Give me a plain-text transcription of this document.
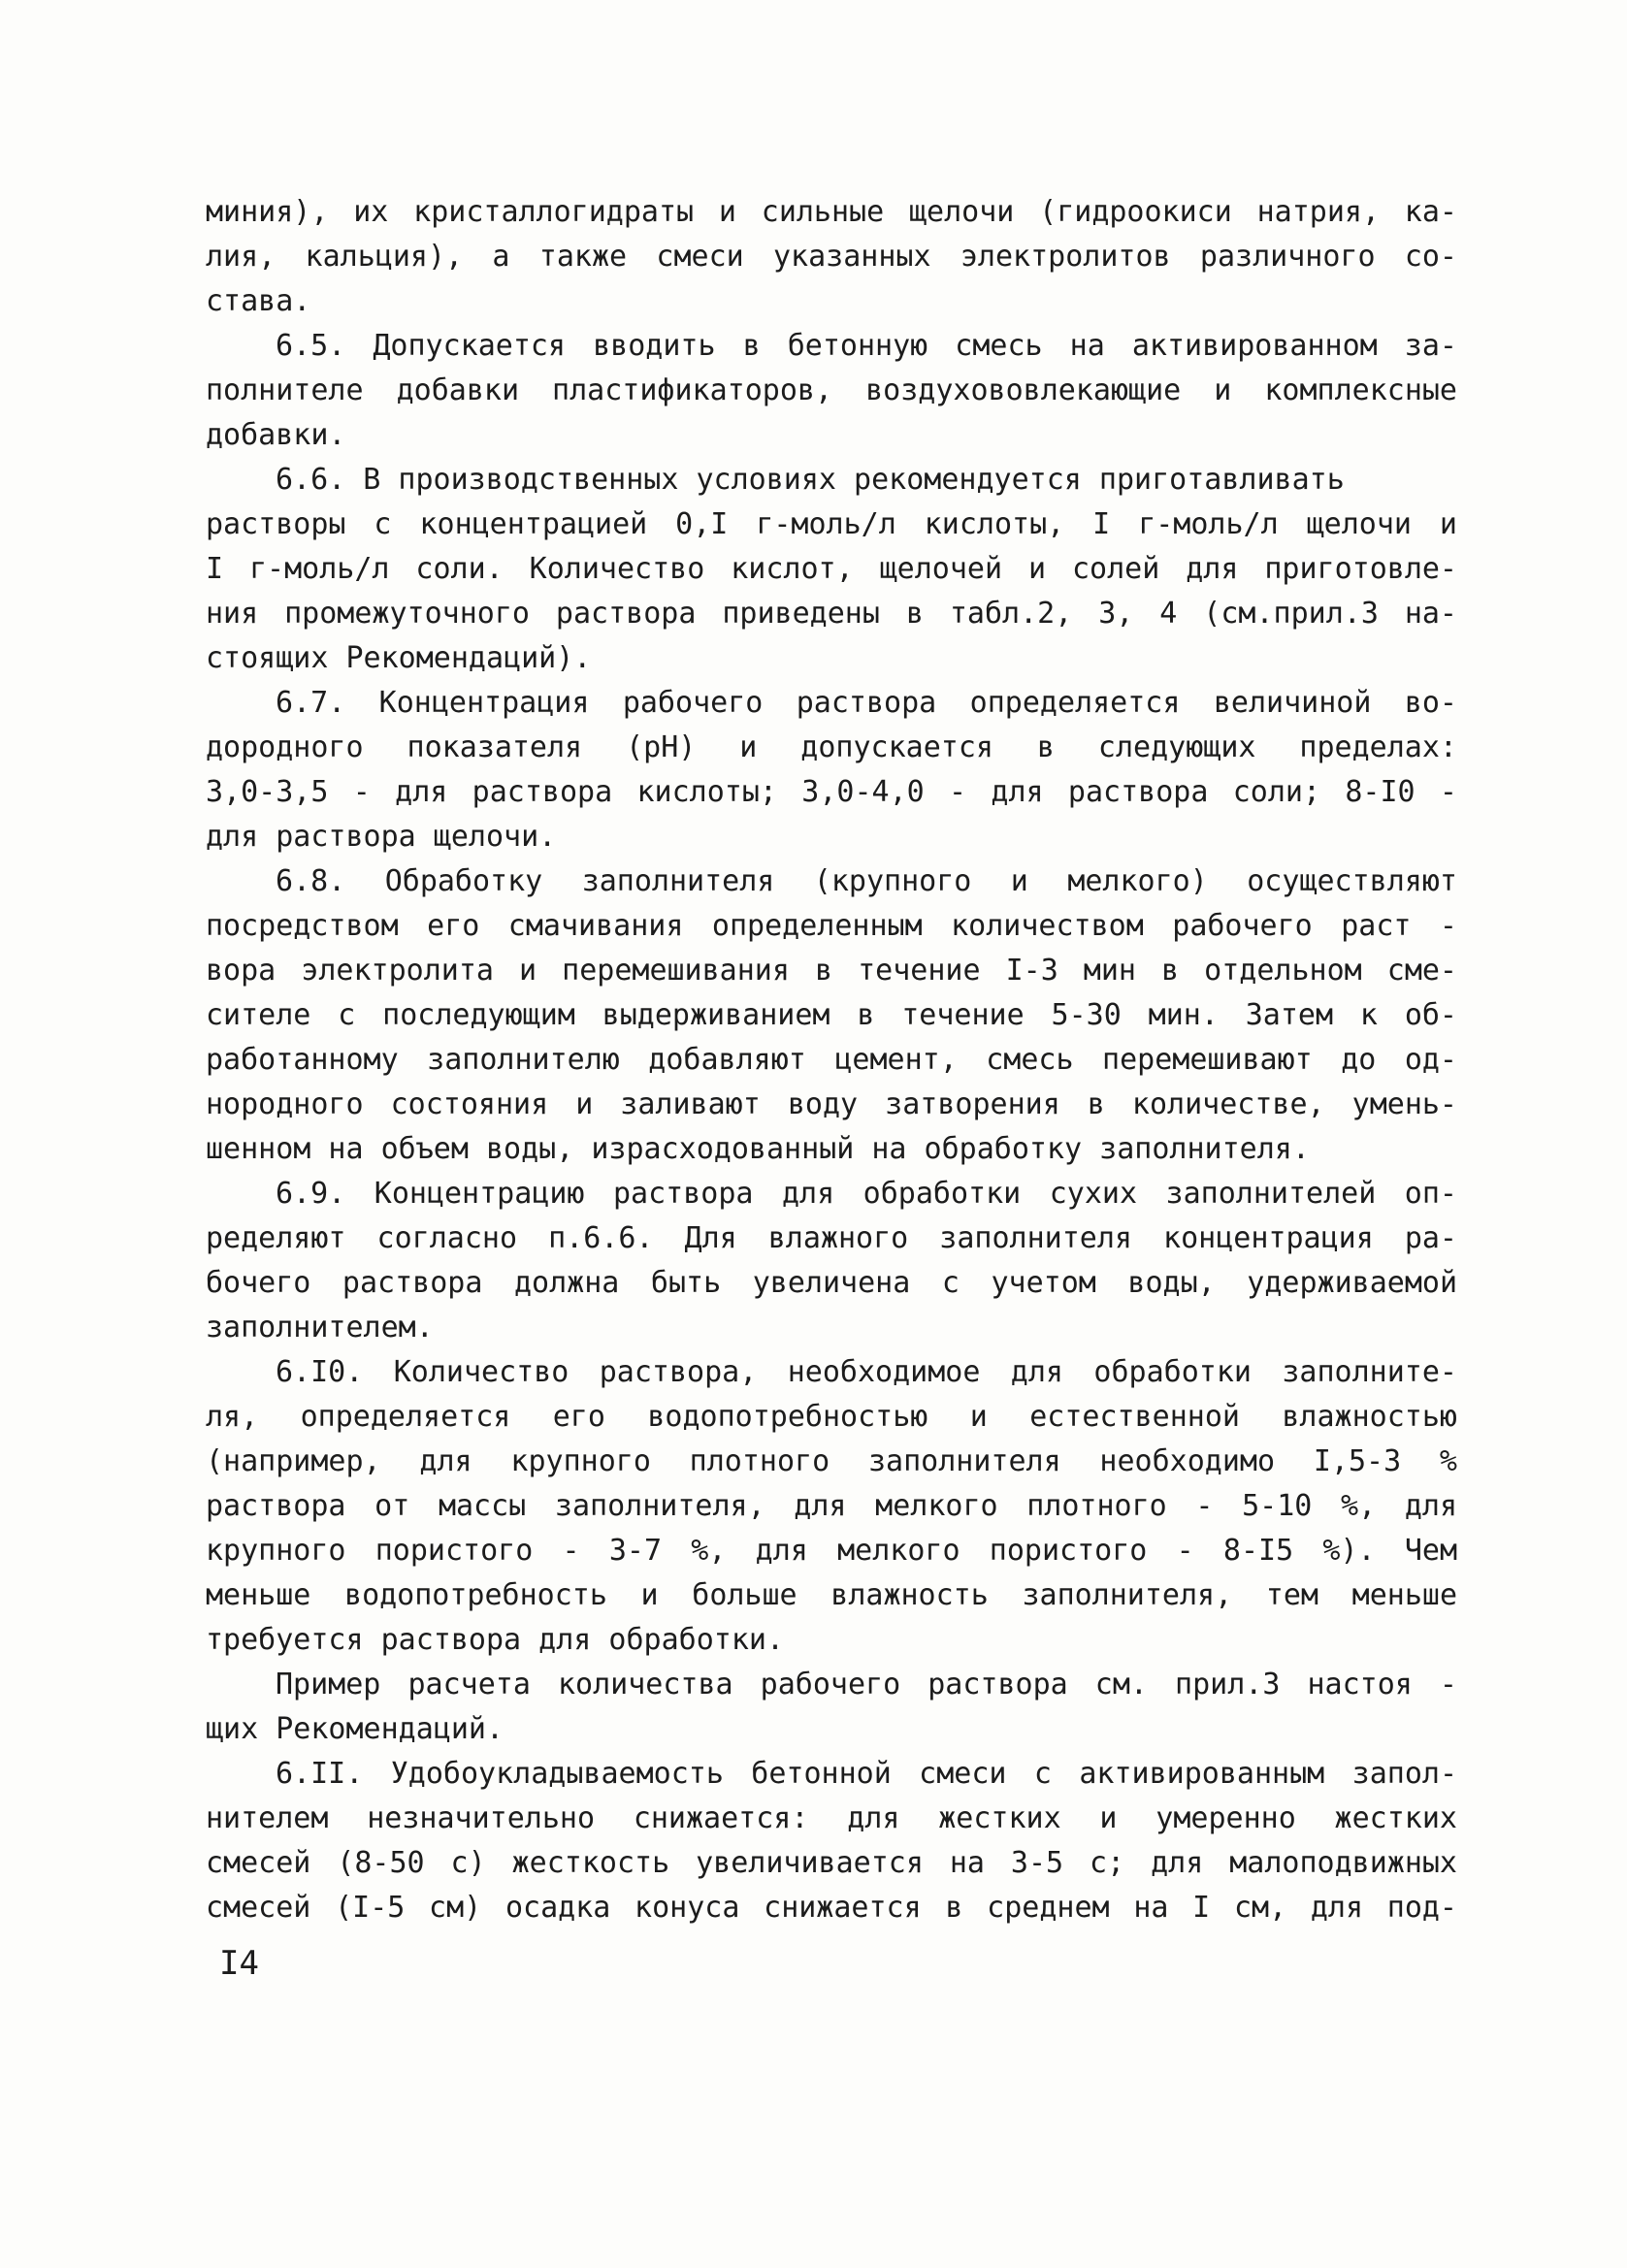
миния), их кристаллогидраты и сильные щелочи (гидроокиси натрия, ка-
лия, кальция), а также смеси указанных электролитов различного со-
става.
6.5. Допускается вводить в бетонную смесь на активированном за-
полнителе добавки пластификаторов, воздухововлекающие и комплексные
добавки.
6.6. В производственных условиях рекомендуется приготавливать
растворы с концентрацией 0,I г-моль/л кислоты, I г-моль/л щелочи и
I г-моль/л соли. Количество кислот, щелочей и солей для приготовле-
ния промежуточного раствора приведены в табл.2, 3, 4 (см.прил.3 на-
стоящих Рекомендаций).
6.7. Концентрация рабочего раствора определяется величиной во-
дородного показателя (рН) и допускается в следующих пределах:
3,0-3,5 - для раствора кислоты; 3,0-4,0 - для раствора соли; 8-I0 -
для раствора щелочи.
6.8. Обработку заполнителя (крупного и мелкого) осуществляют
посредством его смачивания определенным количеством рабочего раст -
вора электролита и перемешивания в течение I-3 мин в отдельном сме-
сителе с последующим выдерживанием в течение 5-30 мин. Затем к об-
работанному заполнителю добавляют цемент, смесь перемешивают до од-
нородного состояния и заливают воду затворения в количестве, умень-
шенном на объем воды, израсходованный на обработку заполнителя.
6.9. Концентрацию раствора для обработки сухих заполнителей оп-
ределяют согласно п.6.6. Для влажного заполнителя концентрация ра-
бочего раствора должна быть увеличена с учетом воды, удерживаемой
заполнителем.
6.I0. Количество раствора, необходимое для обработки заполните-
ля, определяется его водопотребностью и естественной влажностью
(например, для крупного плотного заполнителя необходимо I,5-3 %
раствора от массы заполнителя, для мелкого плотного - 5-10 %, для
крупного пористого - 3-7 %, для мелкого пористого - 8-I5 %). Чем
меньше водопотребность и больше влажность заполнителя, тем меньше
требуется раствора для обработки.
Пример расчета количества рабочего раствора см. прил.3 настоя -
щих Рекомендаций.
6.II. Удобоукладываемость бетонной смеси с активированным запол-
нителем незначительно снижается: для жестких и умеренно жестких
смесей (8-50 с) жесткость увеличивается на 3-5 с; для малоподвижных
смесей (I-5 см) осадка конуса снижается в среднем на I см, для под-
I4
